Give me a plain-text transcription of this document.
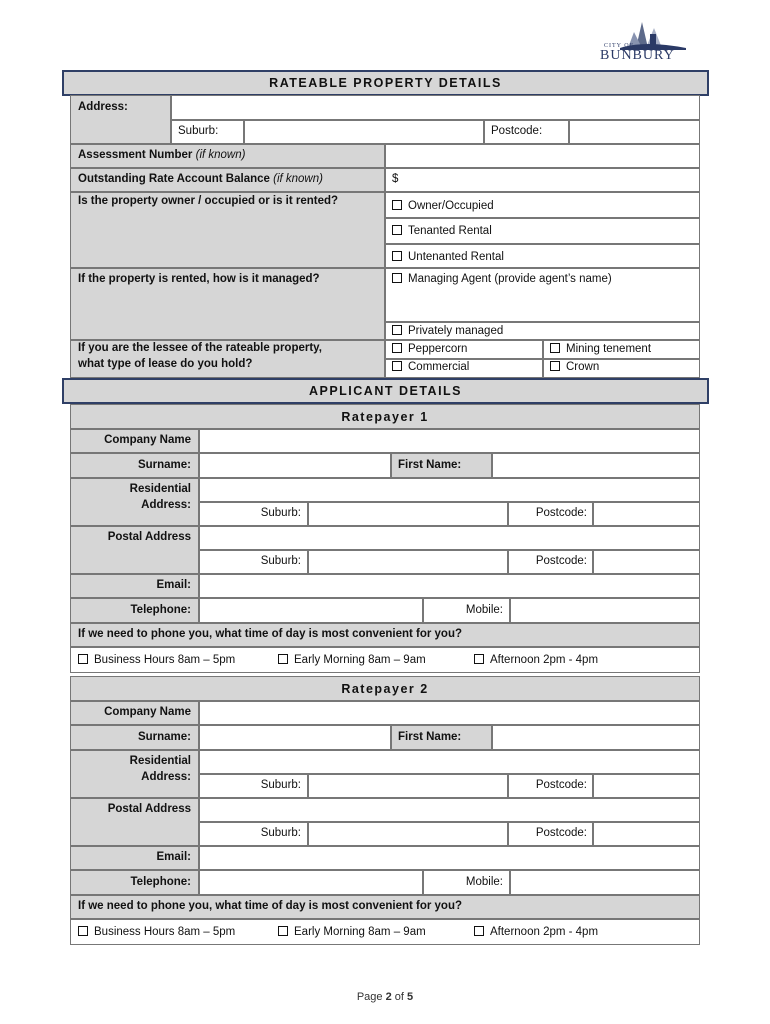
CITY OF
BUNBURY
RATEABLE PROPERTY DETAILS
Address:
Suburb:	Postcode:
Assessment Number (if known)
Outstanding Rate Account Balance (if known)	$
Is the property owner / occupied or is it rented?	Owner/Occupied
Tenanted Rental
Untenanted Rental
If the property is rented, how is it managed?	Managing Agent (provide agent’s name)
Privately managed
If you are the lessee of the rateable property,
what type of lease do you hold?
Peppercorn	Mining tenement
Commercial	Crown
APPLICANT DETAILS
Ratepayer 1
Company Name
Surname:	First Name:
Residential
Address:
Suburb:	Postcode:
Postal Address
Suburb:	Postcode:
Email:
Telephone:	Mobile:
If we need to phone you, what time of day is most convenient for you?
Business Hours 8am – 5pm	Early Morning 8am – 9am	Afternoon 2pm - 4pm
Ratepayer 2
Company Name
Surname:	First Name:
Residential
Address:
Suburb:	Postcode:
Postal Address
Suburb:	Postcode:
Email:
Telephone:	Mobile:
If we need to phone you, what time of day is most convenient for you?
Business Hours 8am – 5pm	Early Morning 8am – 9am	Afternoon 2pm - 4pm
Page 2 of 5
